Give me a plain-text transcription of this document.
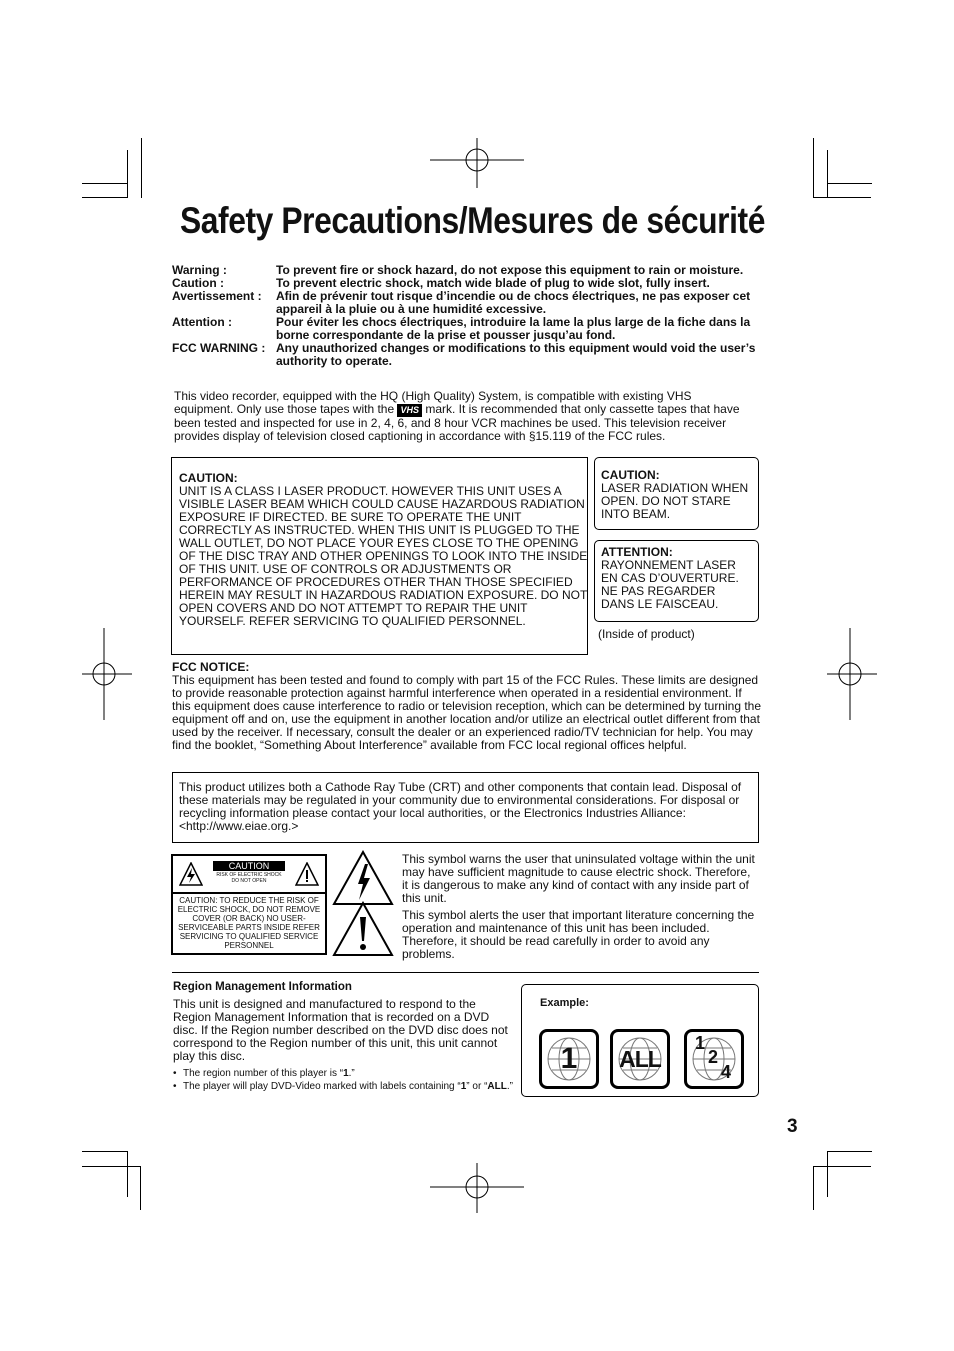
Safety Precautions/Mesures de sécurité
Warning :	To prevent fire or shock hazard, do not expose this equipment to rain or moisture.
Caution :	To prevent electric shock, match wide blade of plug to wide slot, fully insert.
Avertissement :	Afin de prévenir tout risque d’incendie ou de chocs électriques, ne pas exposer cet appareil à la pluie ou à une humidité excessive.
Attention :	Pour éviter les chocs électriques, introduire la lame la plus large de la fiche dans la borne correspondante de la prise et pousser jusqu’au fond.
FCC WARNING : Any unauthorized changes or modifications to this equipment would void the user’s authority to operate.
This video recorder, equipped with the HQ (High Quality) System, is compatible with existing VHS equipment. Only use those tapes with the VHS mark. It is recommended that only cassette tapes that have been tested and inspected for use in 2, 4, 6, and 8 hour VCR machines be used. This television receiver provides display of television closed captioning in accordance with §15.119 of the FCC rules.
CAUTION:
UNIT IS A CLASS I LASER PRODUCT. HOWEVER THIS UNIT USES A VISIBLE LASER BEAM WHICH COULD CAUSE HAZARDOUS RADIATION EXPOSURE IF DIRECTED. BE SURE TO OPERATE THE UNIT CORRECTLY AS INSTRUCTED. WHEN THIS UNIT IS PLUGGED TO THE WALL OUTLET, DO NOT PLACE YOUR EYES CLOSE TO THE OPENING OF THE DISC TRAY AND OTHER OPENINGS TO LOOK INTO THE INSIDE OF THIS UNIT. USE OF CONTROLS OR ADJUSTMENTS OR PERFORMANCE OF PROCEDURES OTHER THAN THOSE SPECIFIED HEREIN MAY RESULT IN HAZARDOUS RADIATION EXPOSURE. DO NOT OPEN COVERS AND DO NOT ATTEMPT TO REPAIR THE UNIT YOURSELF. REFER SERVICING TO QUALIFIED PERSONNEL.
CAUTION:
LASER RADIATION WHEN OPEN. DO NOT STARE INTO BEAM.
ATTENTION:
RAYONNEMENT LASER EN CAS D’OUVERTURE. NE PAS REGARDER DANS LE FAISCEAU.
(Inside of product)
FCC NOTICE:
This equipment has been tested and found to comply with part 15 of the FCC Rules. These limits are designed to provide reasonable protection against harmful interference when operated in a residential environment. If this equipment does cause interference to radio or television reception, which can be determined by turning the equipment off and on, use the equipment in another location and/or utilize an electrical outlet different from that used by the receiver. If necessary, consult the dealer or an experienced radio/TV technician for help. You may find the booklet, “Something About Interference” available from FCC local regional offices helpful.
This product utilizes both a Cathode Ray Tube (CRT) and other components that contain lead. Disposal of these materials may be regulated in your community due to environmental considerations. For disposal or recycling information please contact your local authorities, or the Electronics Industries Alliance: <http://www.eiae.org.>
CAUTION
RISK OF ELECTRIC SHOCK DO NOT OPEN
CAUTION: TO REDUCE THE RISK OF ELECTRIC SHOCK, DO NOT REMOVE COVER (OR BACK) NO USER-SERVICEABLE PARTS INSIDE REFER SERVICING TO QUALIFIED SERVICE PERSONNEL
This symbol warns the user that uninsulated voltage within the unit may have sufficient magnitude to cause electric shock. Therefore, it is dangerous to make any kind of contact with any inside part of this unit.
This symbol alerts the user that important literature concerning the operation and maintenance of this unit has been included. Therefore, it should be read carefully in order to avoid any problems.
Region Management Information
This unit is designed and manufactured to respond to the Region Management Information that is recorded on a DVD disc. If the Region number described on the DVD disc does not correspond to the Region number of this unit, this unit cannot play this disc.
• The region number of this player is “1.”
• The player will play DVD-Video marked with labels containing “1” or “ALL.”
Example:
1 ALL
1
2
4
3
